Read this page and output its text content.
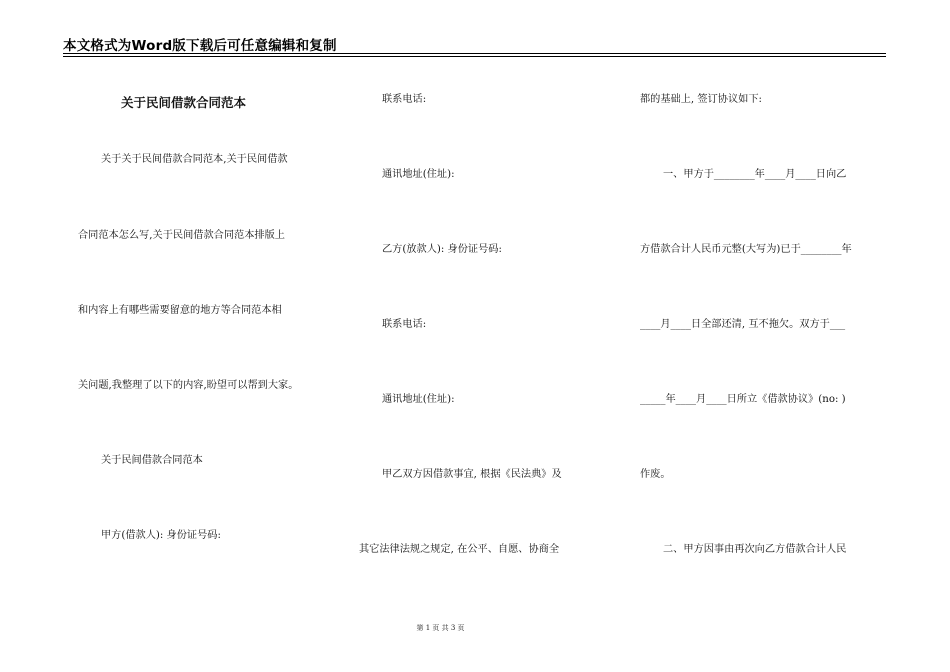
本文格式为Word版下载后可任意编辑和复制
关于民间借款合同范本
关于关于民间借款合同范本,关于民间借款
合同范本怎么写,关于民间借款合同范本排版上
和内容上有哪些需要留意的地方等合同范本相
关问题,我整理了以下的内容,盼望可以帮到大家。
关于民间借款合同范本
甲方(借款人): 身份证号码:
联系电话:
通讯地址(住址):
乙方(放款人): 身份证号码:
联系电话:
通讯地址(住址):
甲乙双方因借款事宜, 根据《民法典》及
其它法律法规之规定, 在公平、自愿、协商全
都的基础上, 签订协议如下:
一、甲方于________年____月____日向乙
方借款合计人民币元整(大写为)已于________年
____月____日全部还清, 互不拖欠。双方于___
_____年____月____日所立《借款协议》(no: )
作废。
二、甲方因事由再次向乙方借款合计人民
第 1 页 共 3 页
